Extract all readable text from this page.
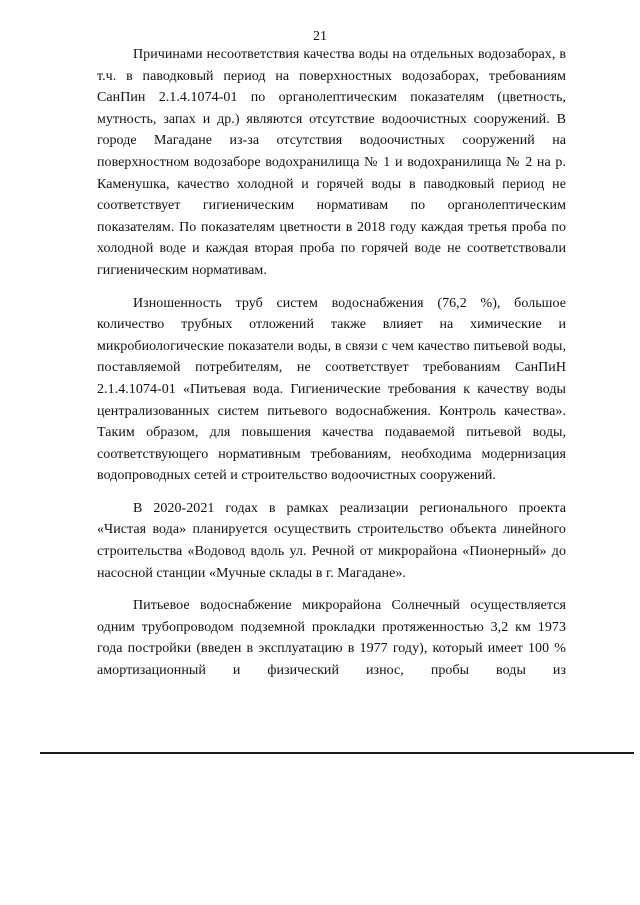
21

Причинами несоответствия качества воды на отдельных водозаборах, в т.ч. в паводковый период на поверхностных водозаборах, требованиям СанПин 2.1.4.1074-01 по органолептическим показателям (цветность, мутность, запах и др.) являются отсутствие водоочистных сооружений. В городе Магадане из-за отсутствия водоочистных сооружений на поверхностном водозаборе водохранилища № 1 и водохранилища № 2 на р. Каменушка, качество холодной и горячей воды в паводковый период не соответствует гигиеническим нормативам по органолептическим показателям. По показателям цветности в 2018 году каждая третья проба по холодной воде и каждая вторая проба по горячей воде не соответствовали гигиеническим нормативам.

Изношенность труб систем водоснабжения (76,2 %), большое количество трубных отложений также влияет на химические и микробиологические показатели воды, в связи с чем качество питьевой воды, поставляемой потребителям, не соответствует требованиям СанПиН 2.1.4.1074-01 «Питьевая вода. Гигиенические требования к качеству воды централизованных систем питьевого водоснабжения. Контроль качества». Таким образом, для повышения качества подаваемой питьевой воды, соответствующего нормативным требованиям, необходима модернизация водопроводных сетей и строительство водоочистных сооружений.

В 2020-2021 годах в рамках реализации регионального проекта «Чистая вода» планируется осуществить строительство объекта линейного строительства «Водовод вдоль ул. Речной от микрорайона «Пионерный» до насосной станции «Мучные склады в г. Магадане».

Питьевое водоснабжение микрорайона Солнечный осуществляется одним трубопроводом подземной прокладки протяженностью 3,2 км 1973 года постройки (введен в эксплуатацию в 1977 году), который имеет 100 % амортизационный и физический износ, пробы воды из
